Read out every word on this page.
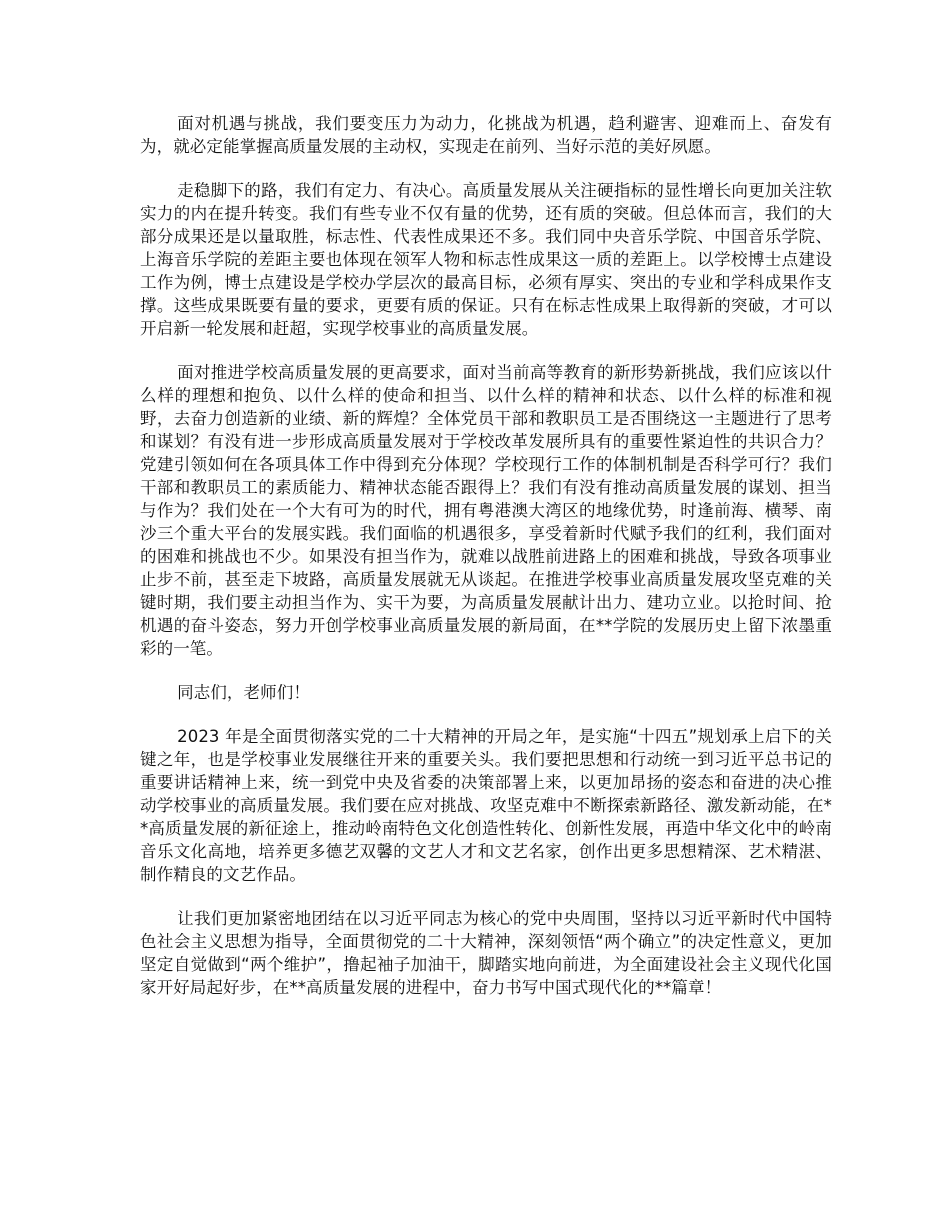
面对机遇与挑战，我们要变压力为动力，化挑战为机遇，趋利避害、迎难而上、奋发有为，就必定能掌握高质量发展的主动权，实现走在前列、当好示范的美好夙愿。

走稳脚下的路，我们有定力、有决心。高质量发展从关注硬指标的显性增长向更加关注软实力的内在提升转变。我们有些专业不仅有量的优势，还有质的突破。但总体而言，我们的大部分成果还是以量取胜，标志性、代表性成果还不多。我们同中央音乐学院、中国音乐学院、上海音乐学院的差距主要也体现在领军人物和标志性成果这一质的差距上。以学校博士点建设工作为例，博士点建设是学校办学层次的最高目标，必须有厚实、突出的专业和学科成果作支撑。这些成果既要有量的要求，更要有质的保证。只有在标志性成果上取得新的突破，才可以开启新一轮发展和赶超，实现学校事业的高质量发展。

面对推进学校高质量发展的更高要求，面对当前高等教育的新形势新挑战，我们应该以什么样的理想和抱负、以什么样的使命和担当、以什么样的精神和状态、以什么样的标准和视野，去奋力创造新的业绩、新的辉煌？全体党员干部和教职员工是否围绕这一主题进行了思考和谋划？有没有进一步形成高质量发展对于学校改革发展所具有的重要性紧迫性的共识合力？党建引领如何在各项具体工作中得到充分体现？学校现行工作的体制机制是否科学可行？我们干部和教职员工的素质能力、精神状态能否跟得上？我们有没有推动高质量发展的谋划、担当与作为？我们处在一个大有可为的时代，拥有粤港澳大湾区的地缘优势，时逢前海、横琴、南沙三个重大平台的发展实践。我们面临的机遇很多，享受着新时代赋予我们的红利，我们面对的困难和挑战也不少。如果没有担当作为，就难以战胜前进路上的困难和挑战，导致各项事业止步不前，甚至走下坡路，高质量发展就无从谈起。在推进学校事业高质量发展攻坚克难的关键时期，我们要主动担当作为、实干为要，为高质量发展献计出力、建功立业。以抢时间、抢机遇的奋斗姿态，努力开创学校事业高质量发展的新局面，在**学院的发展历史上留下浓墨重彩的一笔。

同志们，老师们！

2023 年是全面贯彻落实党的二十大精神的开局之年，是实施“十四五”规划承上启下的关键之年，也是学校事业发展继往开来的重要关头。我们要把思想和行动统一到习近平总书记的重要讲话精神上来，统一到党中央及省委的决策部署上来，以更加昂扬的姿态和奋进的决心推动学校事业的高质量发展。我们要在应对挑战、攻坚克难中不断探索新路径、激发新动能，在**高质量发展的新征途上，推动岭南特色文化创造性转化、创新性发展，再造中华文化中的岭南音乐文化高地，培养更多德艺双馨的文艺人才和文艺名家，创作出更多思想精深、艺术精湛、制作精良的文艺作品。

让我们更加紧密地团结在以习近平同志为核心的党中央周围，坚持以习近平新时代中国特色社会主义思想为指导，全面贯彻党的二十大精神，深刻领悟“两个确立”的决定性意义，更加坚定自觉做到“两个维护”，撸起袖子加油干，脚踏实地向前进，为全面建设社会主义现代化国家开好局起好步，在**高质量发展的进程中，奋力书写中国式现代化的**篇章！
